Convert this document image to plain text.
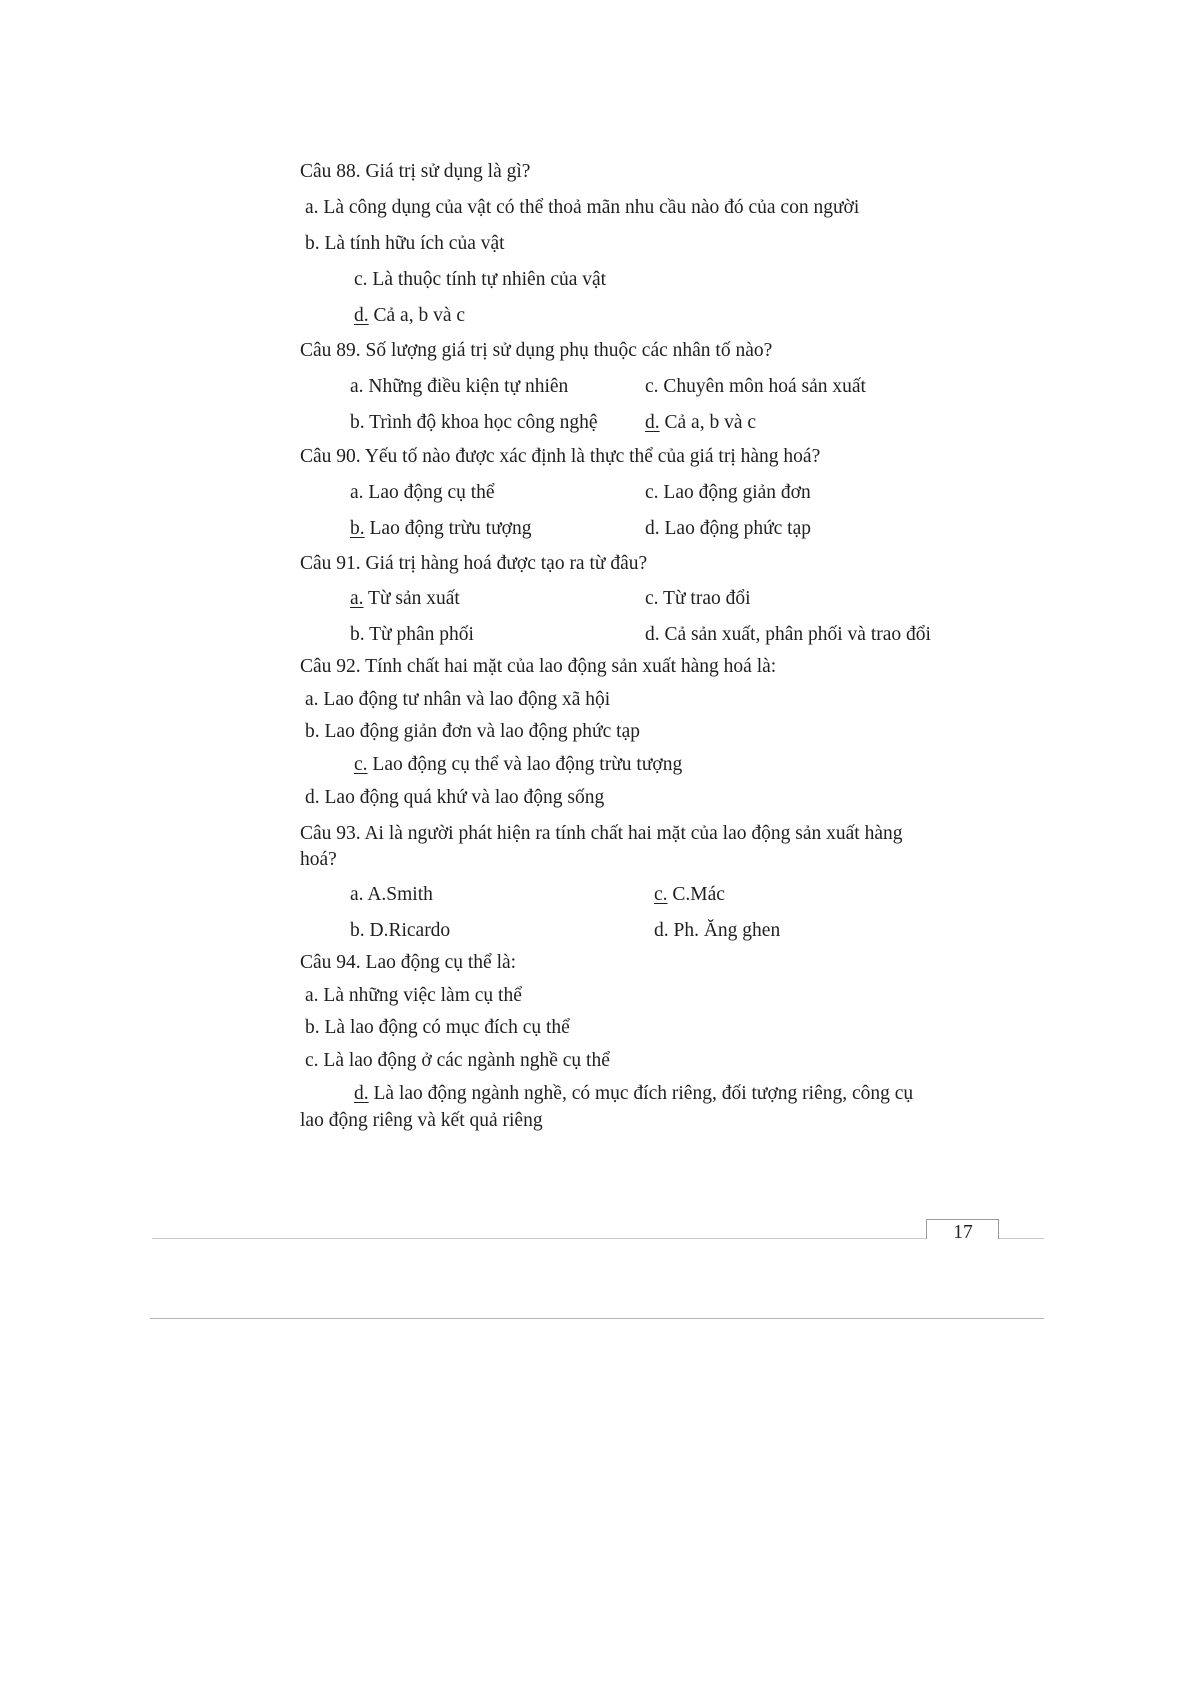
Câu 88. Giá trị sử dụng là gì?
a. Là công dụng của vật có thể thoả mãn nhu cầu nào đó của con người
b. Là tính hữu ích của vật
c. Là thuộc tính tự nhiên của vật
d. Cả a, b và c
Câu 89. Số lượng giá trị sử dụng phụ thuộc các nhân tố nào?
a. Những điều kiện tự nhiên	c. Chuyên môn hoá sản xuất
b. Trình độ khoa học công nghệ d. Cả a, b và c
Câu 90. Yếu tố nào được xác định là thực thể của giá trị hàng hoá?
a. Lao động cụ thể	c. Lao động giản đơn
b. Lao động trừu tượng	d. Lao động phức tạp
Câu 91. Giá trị hàng hoá được tạo ra từ đâu?
a. Từ sản xuất	c. Từ trao đổi
b. Từ phân phối	d. Cả sản xuất, phân phối và trao đổi
Câu 92. Tính chất hai mặt của lao động sản xuất hàng hoá là:
a. Lao động tư nhân và lao động xã hội
b. Lao động giản đơn và lao động phức tạp
c. Lao động cụ thể và lao động trừu tượng
d. Lao động quá khứ và lao động sống
Câu 93. Ai là người phát hiện ra tính chất hai mặt của lao động sản xuất hàng
hoá?
a. A.Smith	c. C.Mác
b. D.Ricardo	d. Ph. Ăng ghen
Câu 94. Lao động cụ thể là:
a. Là những việc làm cụ thể
b. Là lao động có mục đích cụ thể
c. Là lao động ở các ngành nghề cụ thể
d. Là lao động ngành nghề, có mục đích riêng, đối tượng riêng, công cụ
lao động riêng và kết quả riêng
17
